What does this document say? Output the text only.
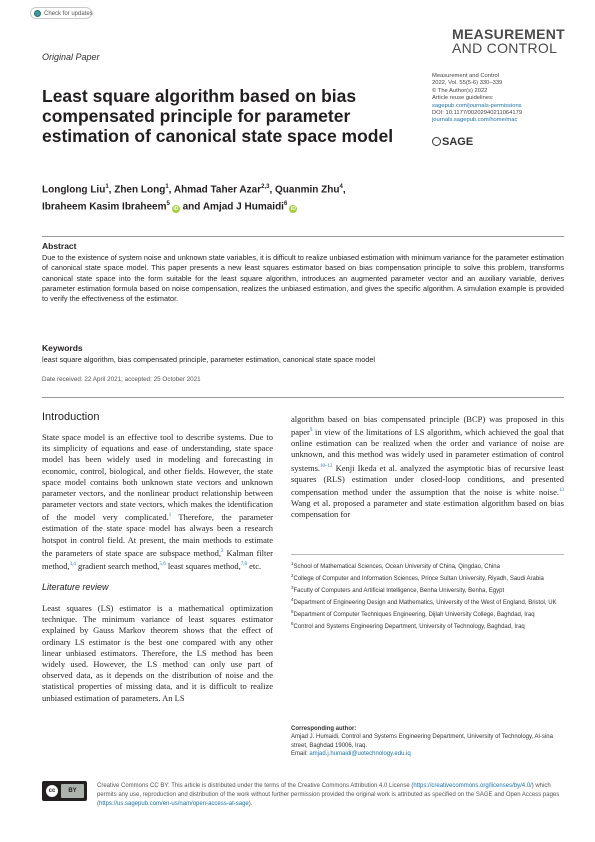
Check for updates
MEASUREMENT
AND CONTROL
Original Paper
Least square algorithm based on bias compensated principle for parameter estimation of canonical state space model
Measurement and Control
2022, Vol. 55(5-6) 330–339
© The Author(s) 2022
Article reuse guidelines:
sagepub.com/journals-permissions
DOI: 10.1177/00202940211064179
journals.sagepub.com/home/mac
SAGE
Longlong Liu$^1$, Zhen Long$^1$, Ahmad Taher Azar$^{2,3}$, Quanmin Zhu$^4$,
Ibraheem Kasim Ibraheem$^5$iD and Amjad J Humaidi$^6$iD
Abstract
Due to the existence of system noise and unknown state variables, it is difficult to realize unbiased estimation with minimum variance for the parameter estimation of canonical state space model. This paper presents a new least squares estimator based on bias compensation principle to solve this problem, transforms canonical state space into the form suitable for the least square algorithm, introduces an augmented parameter vector and an auxiliary variable, derives parameter estimation formula based on noise compensation, realizes the unbiased estimation, and gives the specific algorithm. A simulation example is provided to verify the effectiveness of the estimator.
Keywords
least square algorithm, bias compensated principle, parameter estimation, canonical state space model
Date received: 22 April 2021; accepted: 25 October 2021
Introduction
State space model is an effective tool to describe systems. Due to its simplicity of equations and ease of understanding, state space model has been widely used in modeling and forecasting in economic, control, biological, and other fields. However, the state space model contains both unknown state vectors and unknown parameter vectors, and the nonlinear product relationship between parameter vectors and state vectors, which makes the identification of the model very complicated.$^1$ Therefore, the parameter estimation of the state space model has always been a research hotspot in control field. At present, the main methods to estimate the parameters of state space are subspace method,$^2$ Kalman filter method,$^{3,4}$ gradient search method,$^{5,6}$ least squares method,$^{7,8}$ etc.
Literature review
Least squares (LS) estimator is a mathematical optimization technique. The minimum variance of least squares estimator explained by Gauss Markov theorem shows that the effect of ordinary LS estimator is the best one compared with any other linear unbiased estimators. Therefore, the LS method has been widely used. However, the LS method can only use part of observed data, as it depends on the distribution of noise and the statistical properties of missing data, and it is difficult to realize unbiased estimation of parameters. An LS
algorithm based on bias compensated principle (BCP) was proposed in this paper$^9$ in view of the limitations of LS algorithm, which achieved the goal that online estimation can be realized when the order and variance of noise are unknown, and this method was widely used in parameter estimation of control systems.$^{10-12}$ Kenji Ikeda et al. analyzed the asymptotic bias of recursive least squares (RLS) estimation under closed-loop conditions, and presented compensation method under the assumption that the noise is white noise.$^{13}$ Wang et al. proposed a parameter and state estimation algorithm based on bias compensation for
$^1$School of Mathematical Sciences, Ocean University of China, Qingdao, China
$^2$College of Computer and Information Sciences, Prince Sultan University, Riyadh, Saudi Arabia
$^3$Faculty of Computers and Artificial Intelligence, Benha University, Benha, Egypt
$^4$Department of Engineering Design and Mathematics, University of the West of England, Bristol, UK
$^5$Department of Computer Techniques Engineering, Dijlah University College, Baghdad, Iraq
$^6$Control and Systems Engineering Department, University of Technology, Baghdad, Iraq
Corresponding author:
Amjad J. Humaidi, Control and Systems Engineering Department, University of Technology, Al-sina street, Baghdad 19006, Iraq.
Email: amjad.j.humaidi@uotechnology.edu.iq
cc	BY
Creative Commons CC BY: This article is distributed under the terms of the Creative Commons Attribution 4.0 License (https://creativecommons.org/licenses/by/4.0/) which permits any use, reproduction and distribution of the work without further permission provided the original work is attributed as specified on the SAGE and Open Access pages (https://us.sagepub.com/en-us/nam/open-access-at-sage).
